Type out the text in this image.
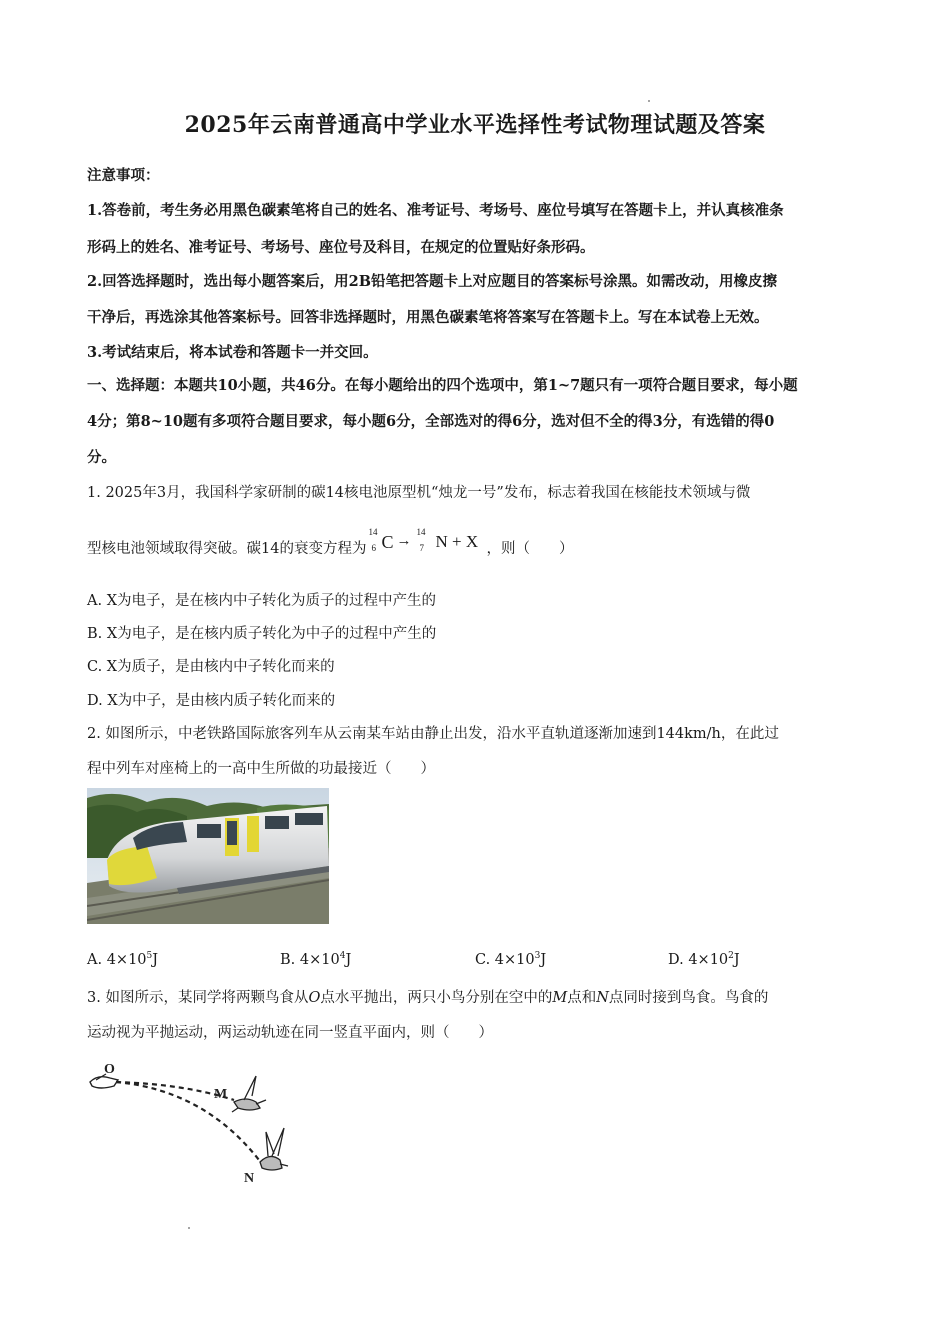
2025年云南普通高中学业水平选择性考试物理试题及答案
注意事项：
1.答卷前，考生务必用黑色碳素笔将自己的姓名、准考证号、考场号、座位号填写在答题卡上，并认真核准条
形码上的姓名、准考证号、考场号、座位号及科目，在规定的位置贴好条形码。
2.回答选择题时，选出每小题答案后，用2B铅笔把答题卡上对应题目的答案标号涂黑。如需改动，用橡皮擦
干净后，再选涂其他答案标号。回答非选择题时，用黑色碳素笔将答案写在答题卡上。写在本试卷上无效。
3.考试结束后，将本试卷和答题卡一并交回。
一、选择题：本题共10小题，共46分。在每小题给出的四个选项中，第1~7题只有一项符合题目要求，每小题
4分；第8~10题有多项符合题目要求，每小题6分，全部选对的得6分，选对但不全的得3分，有选错的得0
分。
1. 2025年3月，我国科学家研制的碳14核电池原型机“烛龙一号”发布，标志着我国在核能技术领域与微
型核电池领域取得突破。碳14的衰变方程为
14
6 C →
14
7 N + X ，则（　　）
A. X为电子，是在核内中子转化为质子的过程中产生的
B. X为电子，是在核内质子转化为中子的过程中产生的
C. X为质子，是由核内中子转化而来的
D. X为中子，是由核内质子转化而来的
2. 如图所示，中老铁路国际旅客列车从云南某车站由静止出发，沿水平直轨道逐渐加速到144km/h，在此过
程中列车对座椅上的一高中生所做的功最接近（　　）
A. $4\times 10^5J$	B. $4\times 10^4J$	C. $4\times 10^3J$	D. $4\times 10^2J$
3. 如图所示，某同学将两颗鸟食从O点水平抛出，两只小鸟分别在空中的M点和N点同时接到鸟食。鸟食的
运动视为平抛运动，两运动轨迹在同一竖直平面内，则（　　）
O
M
N
